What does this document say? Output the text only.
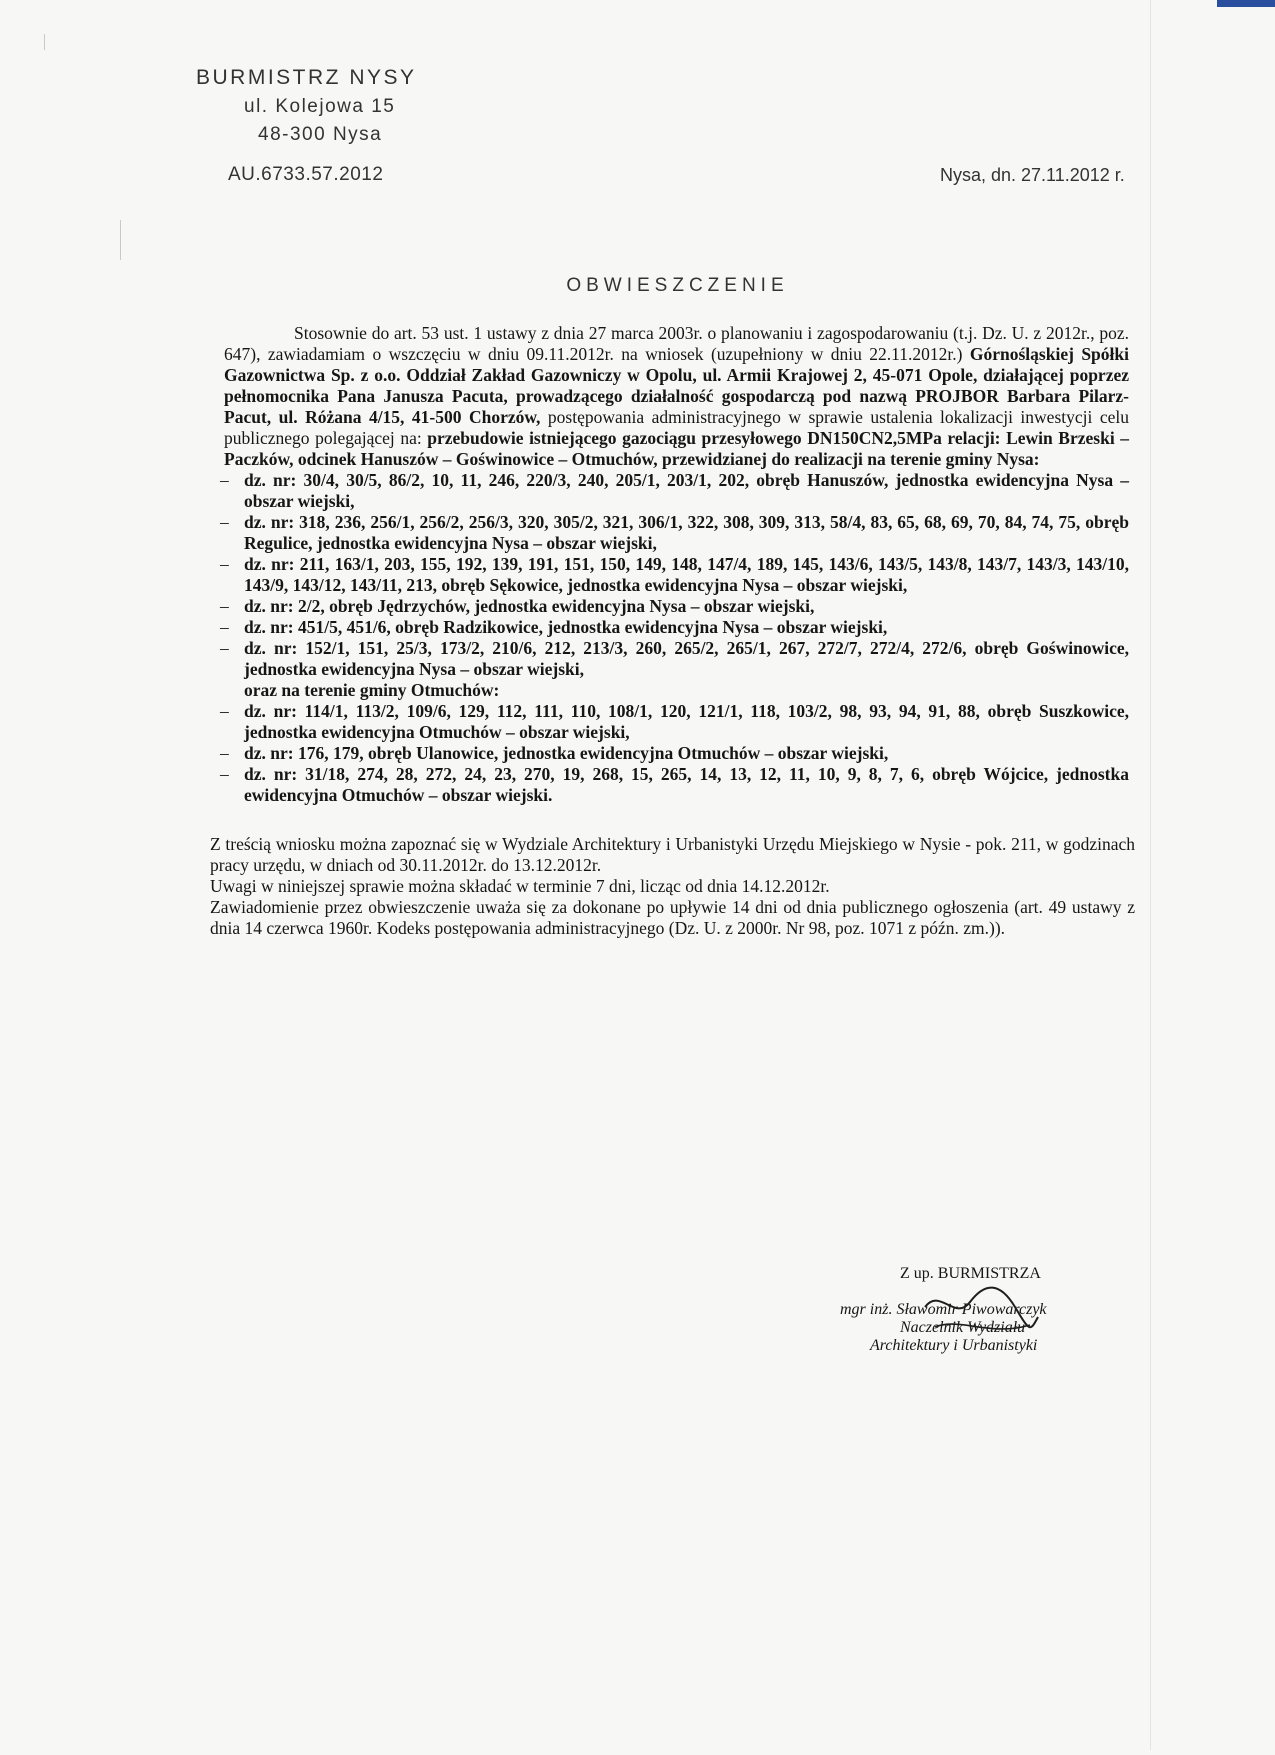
BURMISTRZ NYSY
ul. Kolejowa 15
48-300 Nysa
AU.6733.57.2012	Nysa, dn. 27.11.2012 r.
OBWIESZCZENIE

Stosownie do art. 53 ust. 1 ustawy z dnia 27 marca 2003r. o planowaniu i zagospodarowaniu (t.j. Dz. U. z 2012r., poz. 647), zawiadamiam o wszczęciu w dniu 09.11.2012r. na wniosek (uzupełniony w dniu 22.11.2012r.) Górnośląskiej Spółki Gazownictwa Sp. z o.o. Oddział Zakład Gazowniczy w Opolu, ul. Armii Krajowej 2, 45-071 Opole, działającej poprzez pełnomocnika Pana Janusza Pacuta, prowadzącego działalność gospodarczą pod nazwą PROJBOR Barbara Pilarz-Pacut, ul. Różana 4/15, 41-500 Chorzów, postępowania administracyjnego w sprawie ustalenia lokalizacji inwestycji celu publicznego polegającej na: przebudowie istniejącego gazociągu przesyłowego DN150CN2,5MPa relacji: Lewin Brzeski – Paczków, odcinek Hanuszów – Goświnowice – Otmuchów, przewidzianej do realizacji na terenie gminy Nysa:

– dz. nr: 30/4, 30/5, 86/2, 10, 11, 246, 220/3, 240, 205/1, 203/1, 202, obręb Hanuszów, jednostka ewidencyjna Nysa – obszar wiejski,
– dz. nr: 318, 236, 256/1, 256/2, 256/3, 320, 305/2, 321, 306/1, 322, 308, 309, 313, 58/4, 83, 65, 68, 69, 70, 84, 74, 75, obręb Regulice, jednostka ewidencyjna Nysa – obszar wiejski,
– dz. nr: 211, 163/1, 203, 155, 192, 139, 191, 151, 150, 149, 148, 147/4, 189, 145, 143/6, 143/5, 143/8, 143/7, 143/3, 143/10, 143/9, 143/12, 143/11, 213, obręb Sękowice, jednostka ewidencyjna Nysa – obszar wiejski,
– dz. nr: 2/2, obręb Jędrzychów, jednostka ewidencyjna Nysa – obszar wiejski,
– dz. nr: 451/5, 451/6, obręb Radzikowice, jednostka ewidencyjna Nysa – obszar wiejski,
– dz. nr: 152/1, 151, 25/3, 173/2, 210/6, 212, 213/3, 260, 265/2, 265/1, 267, 272/7, 272/4, 272/6, obręb Goświnowice, jednostka ewidencyjna Nysa – obszar wiejski,
oraz na terenie gminy Otmuchów:
– dz. nr: 114/1, 113/2, 109/6, 129, 112, 111, 110, 108/1, 120, 121/1, 118, 103/2, 98, 93, 94, 91, 88, obręb Suszkowice, jednostka ewidencyjna Otmuchów – obszar wiejski,
– dz. nr: 176, 179, obręb Ulanowice, jednostka ewidencyjna Otmuchów – obszar wiejski,
– dz. nr: 31/18, 274, 28, 272, 24, 23, 270, 19, 268, 15, 265, 14, 13, 12, 11, 10, 9, 8, 7, 6, obręb Wójcice, jednostka ewidencyjna Otmuchów – obszar wiejski.

Z treścią wniosku można zapoznać się w Wydziale Architektury i Urbanistyki Urzędu Miejskiego w Nysie - pok. 211, w godzinach pracy urzędu, w dniach od 30.11.2012r. do 13.12.2012r.

Uwagi w niniejszej sprawie można składać w terminie 7 dni, licząc od dnia 14.12.2012r.

Zawiadomienie przez obwieszczenie uważa się za dokonane po upływie 14 dni od dnia publicznego ogłoszenia (art. 49 ustawy z dnia 14 czerwca 1960r. Kodeks postępowania administracyjnego (Dz. U. z 2000r. Nr 98, poz. 1071 z późn. zm.)).

Z up. BURMISTRZA
mgr inż. Sławomir Piwowarczyk
Naczelnik Wydziału
Architektury i Urbanistyki
